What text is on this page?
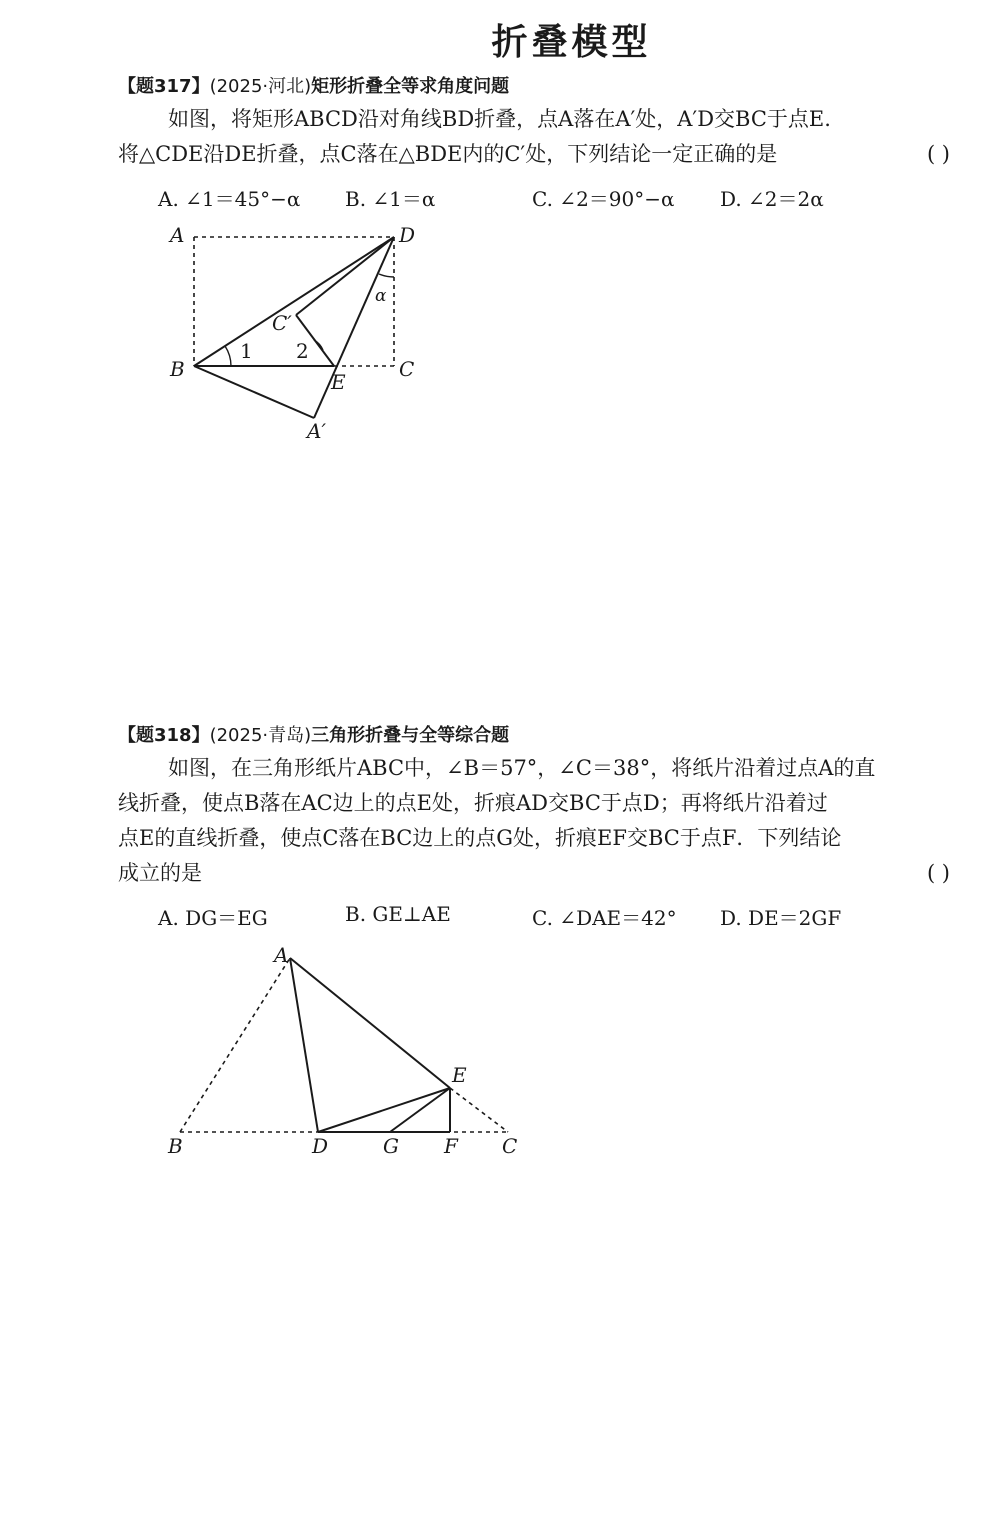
折叠模型
【题317】(2025·河北)矩形折叠全等求角度问题
如图，将矩形ABCD沿对角线BD折叠，点A落在A′处，A′D交BC于点E.
将△CDE沿DE折叠，点C落在△BDE内的C′处，下列结论一定正确的是	( )
A. ∠1＝45°−α B. ∠1＝α	C. ∠2＝90°−α D. ∠2＝2α
A	D
B	C
E
C′
A′
1 2
α
A
E
B	D	G F C
【题318】(2025·青岛)三角形折叠与全等综合题
如图，在三角形纸片ABC中，∠B＝57°，∠C＝38°，将纸片沿着过点A的直
线折叠，使点B落在AC边上的点E处，折痕AD交BC于点D；再将纸片沿着过
点E的直线折叠，使点C落在BC边上的点G处，折痕EF交BC于点F．下列结论
成立的是	( )
A. DG＝EG	B. GE⊥AE	C. ∠DAE＝42° D. DE＝2GF
